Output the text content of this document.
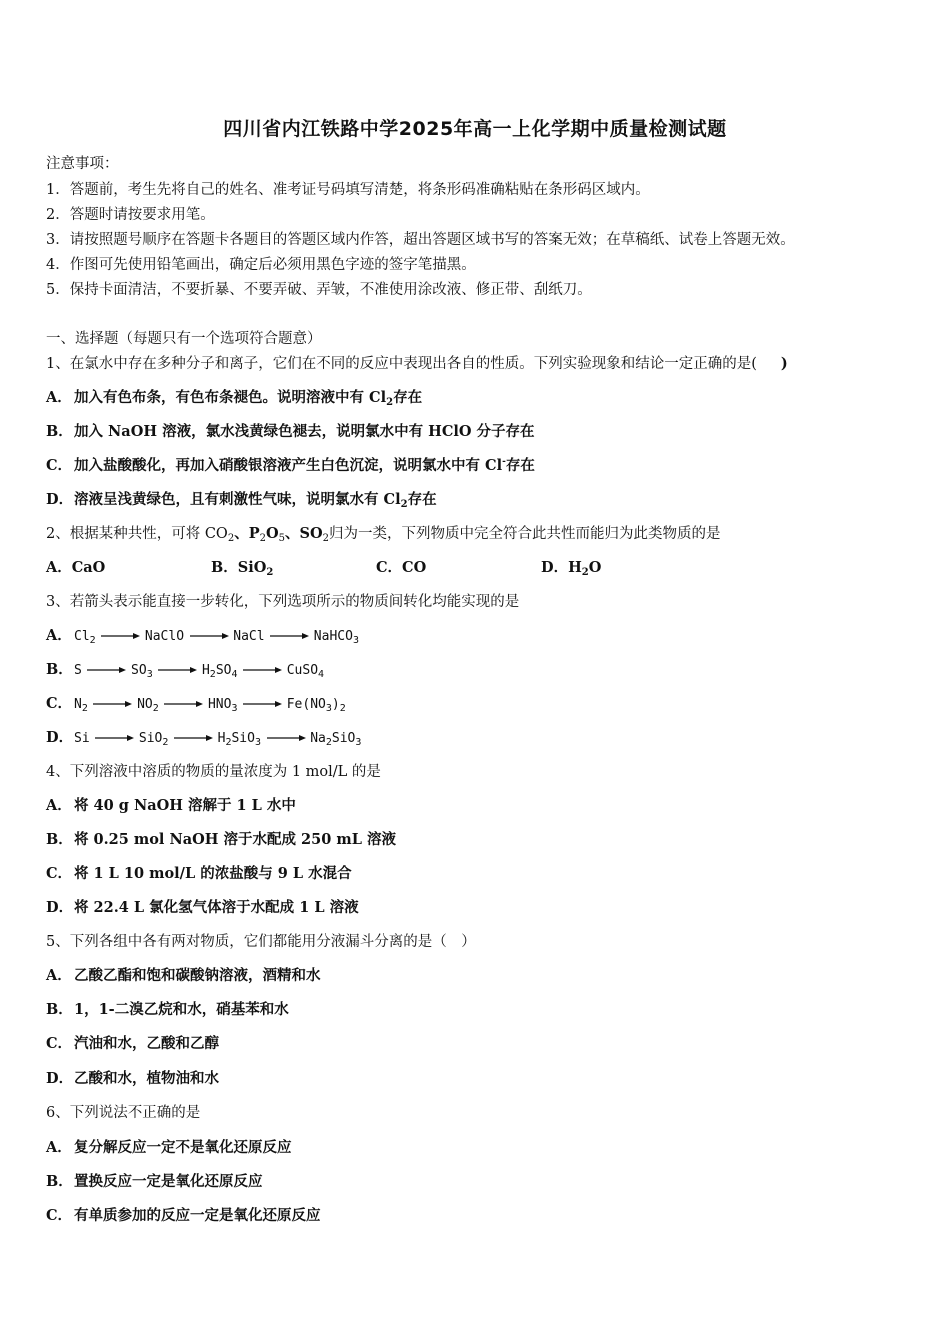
四川省内江铁路中学2025年高一上化学期中质量检测试题
注意事项：
1．答题前，考生先将自己的姓名、准考证号码填写清楚，将条形码准确粘贴在条形码区域内。
2．答题时请按要求用笔。
3．请按照题号顺序在答题卡各题目的答题区域内作答，超出答题区域书写的答案无效；在草稿纸、试卷上答题无效。
4．作图可先使用铅笔画出，确定后必须用黑色字迹的签字笔描黑。
5．保持卡面清洁，不要折暴、不要弄破、弄皱，不准使用涂改液、修正带、刮纸刀。
一、选择题（每题只有一个选项符合题意）
1、在氯水中存在多种分子和离子，它们在不同的反应中表现出各自的性质。下列实验现象和结论一定正确的是( )
A． 加入有色布条，有色布条褪色。说明溶液中有 $Cl_2$存在
B．加入 NaOH 溶液，氯水浅黄绿色褪去，说明氯水中有 HClO 分子存在
C． 加入盐酸酸化，再加入硝酸银溶液产生白色沉淀，说明氯水中有 Cl-存在
D．溶液呈浅黄绿色，且有刺激性气味，说明氯水有 $Cl_2$存在
2、根据某种共性，可将 $CO_2$、$P_2O_5$、$SO_2$归为一类，下列物质中完全符合此共性而能归为此类物质的是
A．CaO	B．SiO$_2$	C．CO	D．$H_2O$
3、若箭头表示能直接一步转化，下列选项所示的物质间转化均能实现的是
A． $Cl_2$ → NaClO → NaCl → NaHCO$_3$
B．$S \to SO_3 \to H_2SO_4$ → CuSO$_4$
C． $N_2 \to NO_2 \to HNO_3 \to Fe(NO_3)_2$
D．$Si \to SiO_2 \to H_2SiO_3 \to Na_2SiO_3$
4、下列溶液中溶质的物质的量浓度为 1 mol/L 的是
A． 将 40 g NaOH 溶解于 1 L 水中
B．将 0.25 mol NaOH 溶于水配成 250 mL 溶液
C． 将 1 L 10 mol/L 的浓盐酸与 9 L 水混合
D．将 22.4 L 氯化氢气体溶于水配成 1 L 溶液
5、下列各组中各有两对物质，它们都能用分液漏斗分离的是（　）
A． 乙酸乙酯和饱和碳酸钠溶液，酒精和水
B．1，1-二溴乙烷和水，硝基苯和水
C． 汽油和水，乙酸和乙醇
D．乙酸和水，植物油和水
6、下列说法不正确的是
A． 复分解反应一定不是氧化还原反应
B．置换反应一定是氧化还原反应
C． 有单质参加的反应一定是氧化还原反应
